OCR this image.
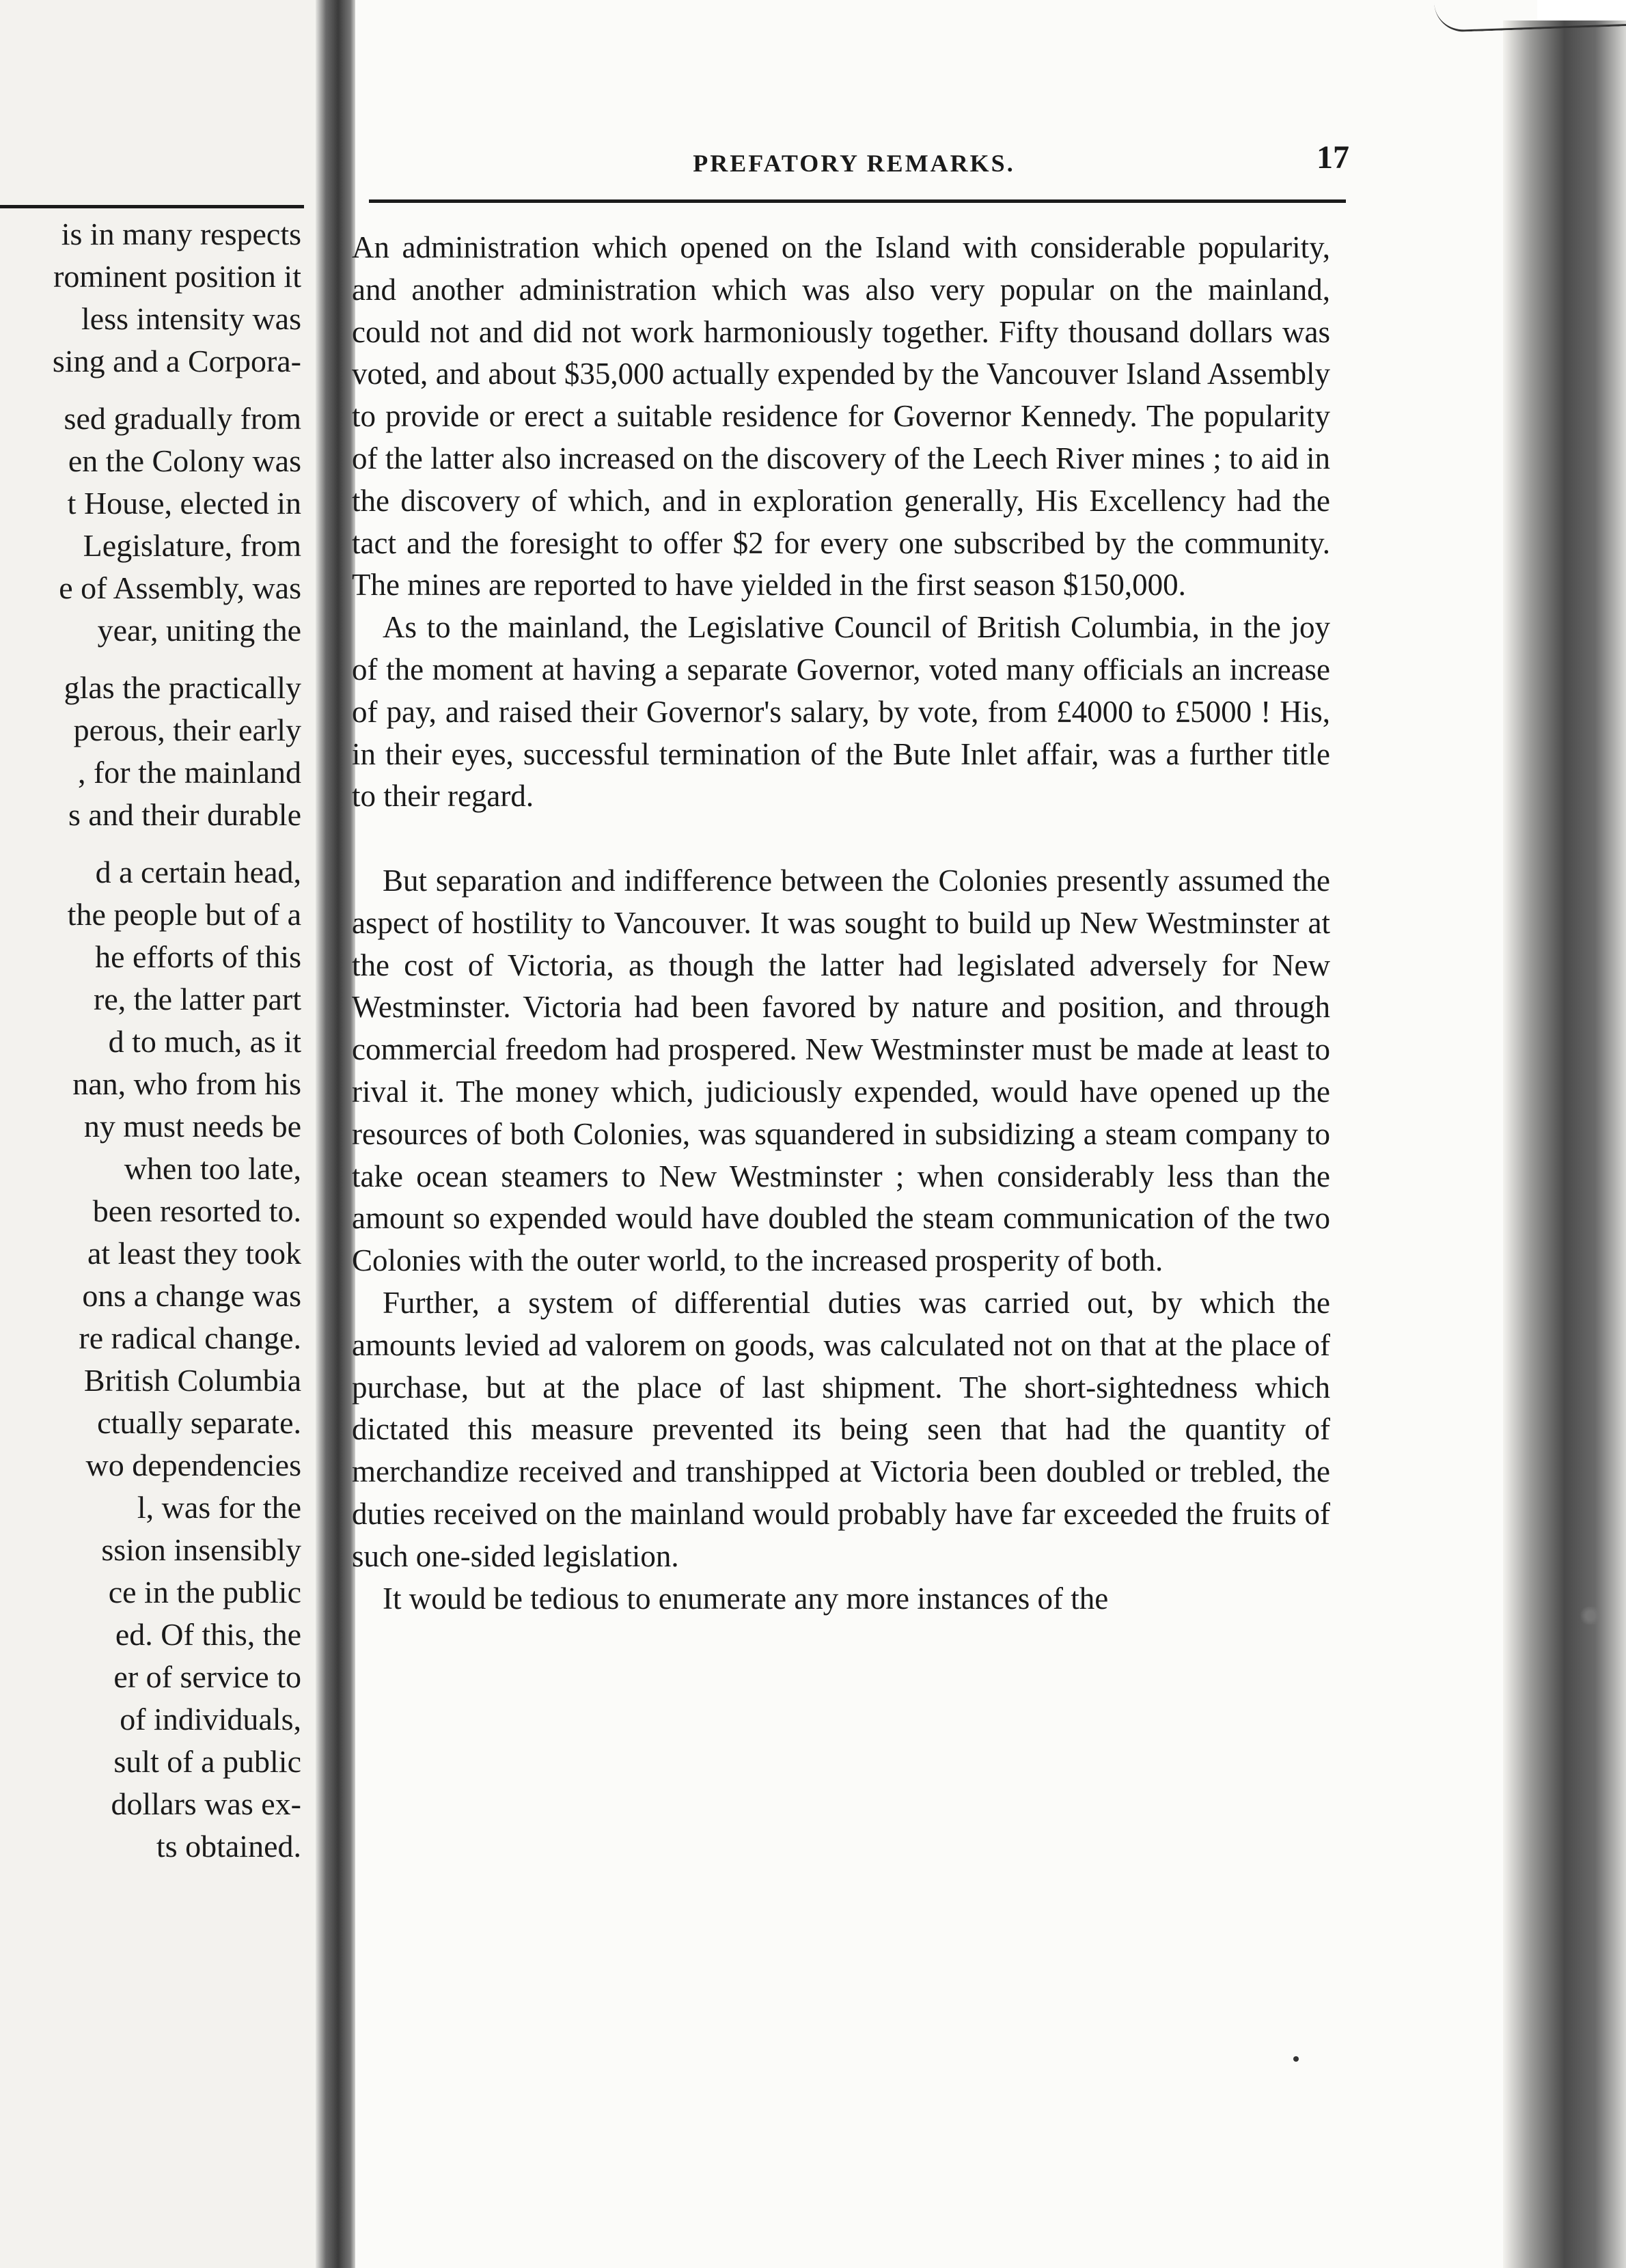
is in many respects
rominent position it
less intensity was
sing and a Corpora-
sed gradually from
en the Colony was
t House, elected in
Legislature, from
e of Assembly, was
year, uniting the
glas the practically
perous, their early
, for the mainland
s and their durable
d a certain head,
the people but of a
he efforts of this
re, the latter part
d to much, as it
nan, who from his
ny must needs be
when too late,
been resorted to.
at least they took
ons a change was
re radical change.
British Columbia
ctually separate.
wo dependencies
l, was for the
ssion insensibly
ce in the public
ed. Of this, the
er of service to
of individuals,
sult of a public
dollars was ex-
ts obtained.
PREFATORY REMARKS.	17

An administration which opened on the Island with considerable popularity, and another administration which was also very popular on the mainland, could not and did not work harmoniously together. Fifty thousand dollars was voted, and about $35,000 actually expended by the Vancouver Island Assembly to provide or erect a suitable residence for Governor Kennedy. The popularity of the latter also increased on the discovery of the Leech River mines ; to aid in the discovery of which, and in exploration generally, His Excellency had the tact and the foresight to offer $2 for every one subscribed by the community. The mines are reported to have yielded in the first season $150,000.

As to the mainland, the Legislative Council of British Columbia, in the joy of the moment at having a separate Governor, voted many officials an increase of pay, and raised their Governor's salary, by vote, from £4000 to £5000 ! His, in their eyes, successful termination of the Bute Inlet affair, was a further title to their regard.

But separation and indifference between the Colonies presently assumed the aspect of hostility to Vancouver. It was sought to build up New Westminster at the cost of Victoria, as though the latter had legislated adversely for New Westminster. Victoria had been favored by nature and position, and through commercial freedom had prospered. New Westminster must be made at least to rival it. The money which, judiciously expended, would have opened up the resources of both Colonies, was squandered in subsidizing a steam company to take ocean steamers to New Westminster ; when considerably less than the amount so expended would have doubled the steam communication of the two Colonies with the outer world, to the increased prosperity of both.

Further, a system of differential duties was carried out, by which the amounts levied ad valorem on goods, was calculated not on that at the place of purchase, but at the place of last shipment. The short-sightedness which dictated this measure prevented its being seen that had the quantity of merchandize received and transhipped at Victoria been doubled or trebled, the duties received on the mainland would probably have far exceeded the fruits of such one-sided legislation.

It would be tedious to enumerate any more instances of the
